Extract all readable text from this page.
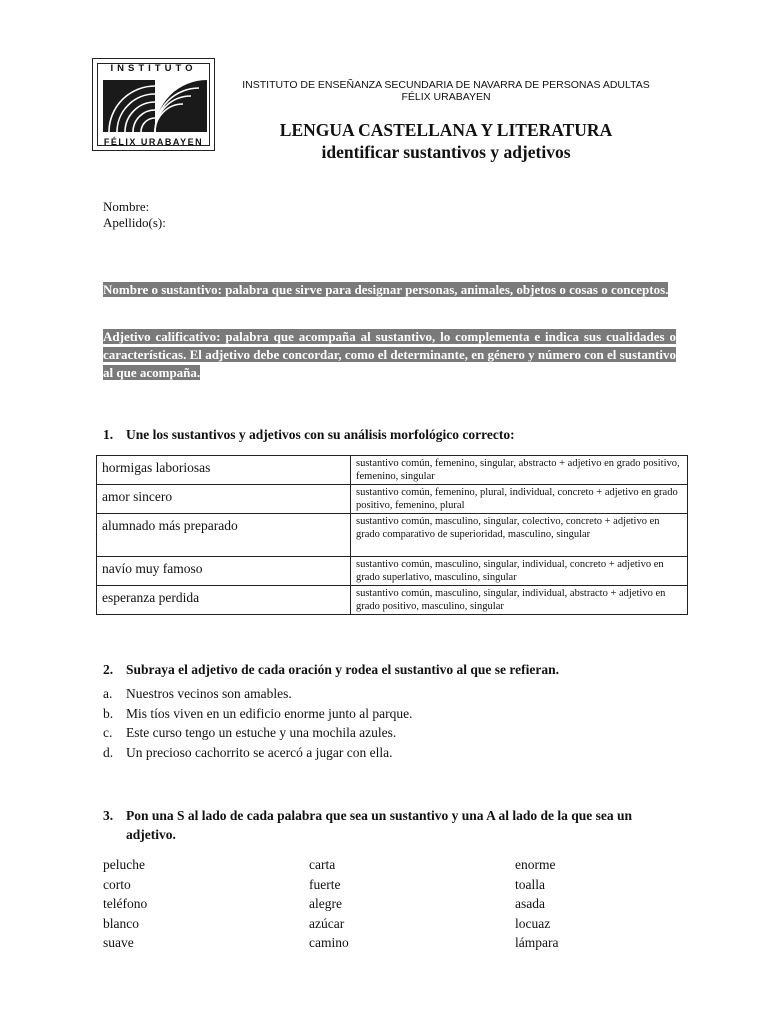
INSTITUTO
FÉLIX URABAYEN
INSTITUTO DE ENSEÑANZA SECUNDARIA DE NAVARRA DE PERSONAS ADULTAS
FÉLIX URABAYEN
LENGUA CASTELLANA Y LITERATURA
identificar sustantivos y adjetivos
Nombre:
Apellido(s):
Nombre o sustantivo: palabra que sirve para designar personas, animales, objetos o cosas o conceptos.
Adjetivo calificativo: palabra que acompaña al sustantivo, lo complementa e indica sus cualidades o características. El adjetivo debe concordar, como el determinante, en género y número con el sustantivo al que acompaña.
1. Une los sustantivos y adjetivos con su análisis morfológico correcto:
hormigas laboriosas	sustantivo común, femenino, singular, abstracto + adjetivo en grado positivo, femenino, singular
amor sincero	sustantivo común, femenino, plural, individual, concreto + adjetivo en grado positivo, femenino, plural
alumnado más preparado	sustantivo común, masculino, singular, colectivo, concreto + adjetivo en grado comparativo de superioridad, masculino, singular
navío muy famoso	sustantivo común, masculino, singular, individual, concreto + adjetivo en grado superlativo, masculino, singular
esperanza perdida	sustantivo común, masculino, singular, individual, abstracto + adjetivo en grado positivo, masculino, singular
2. Subraya el adjetivo de cada oración y rodea el sustantivo al que se refieran.
a. Nuestros vecinos son amables.
b. Mis tíos viven en un edificio enorme junto al parque.
c. Este curso tengo un estuche y una mochila azules.
d. Un precioso cachorrito se acercó a jugar con ella.
3. Pon una S al lado de cada palabra que sea un sustantivo y una A al lado de la que sea un adjetivo.
peluche
corto
teléfono
blanco
suave
carta
fuerte
alegre
azúcar
camino
enorme
toalla
asada
locuaz
lámpara
